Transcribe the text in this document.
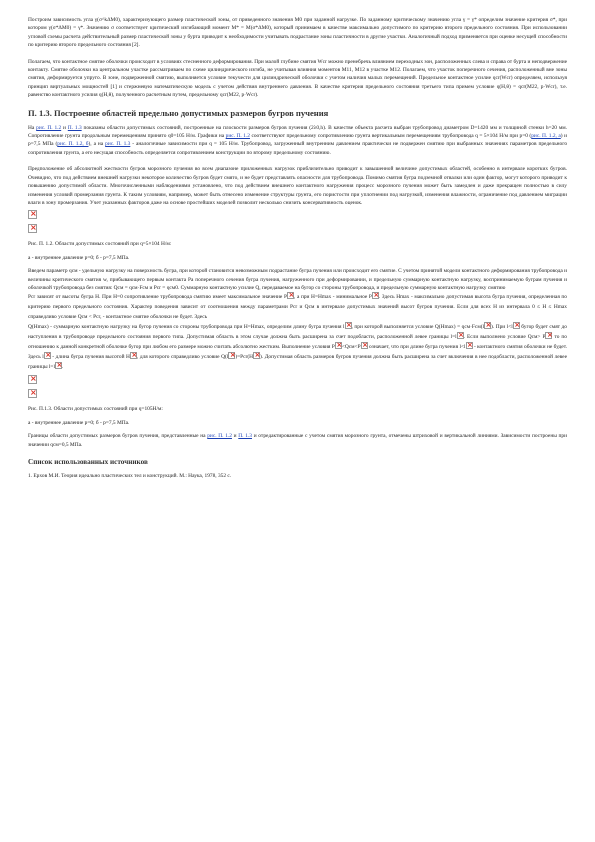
Построим зависимость угла γ(σ^kΔM0), характеризующего размер пластической зоны, от приведенного значения M0 при заданной нагрузке. По заданному критическому значению угла γ = γ* определим значение критерия σ*, при котором γ(σ*ΔM0) = γ*. Значению σ соответствует критический изгибающий момент M* = M(σ*ΔM0), который принимаем в качестве максимально допустимого по критерию второго предельного состояния. При использовании угловой схемы расчета действительный размер пластической зоны у бурта приводит к необходимости учитывать подрастание зоны пластичности в другие участки. Аналогичный подход применяется при оценке несущей способности по критерию второго предельного состояния [2].

Полагаем, что контактное смятие оболочки происходит в условиях стесненного деформирования. При малой глубине смятия Wcr можно пренебречь влиянием переходных зон, расположенных слева и справа от бурта и неподвержение контакту. Смятие оболочки на центральном участке рассматриваем по схеме цилиндрического изгиба, не учитывая влияния моментов M11, M12 в участке M12. Полагаем, что участок поперечного сечения, расположенный вне зоны смятия, деформируется упруго. В зоне, подверженной смятию, выполняется условие текучести для цилиндрической оболочки с учетом наличия малых перемещений. Предельное контактное усилие qcr(Wcr) определяем, используя принцип виртуальных мощностей [1] и стержневую математическую модель с учетом действия внутреннего давления. В качестве критерия предельного состояния третьего типа примем условие q(H,θ) = qcr(M22, p·Wcr), т.е. равенство контактного усилия q(H,θ), полученного расчетным путем, предельному qcr(M22, p·Wcr).

П. 1.3. Построение областей предельно допустимых размеров бугров пучения

На рис. П. 1.2 и П. 1.3 показаны области допустимых состояний, построенные на плоскости размеров бугров пучения (2λ0,h). В качестве объекта расчета выбран трубопровод диаметром D=1420 мм и толщиной стенки h=20 мм. Сопротивление грунта продольным перемещениям принято q0=105 Н/м. Графики на рис. П. 1.2 соответствуют предельному сопротивлению грунта вертикальным перемещениям трубопровода q = 5×104 Н/м при p=0 (рис. П. 1.2, а) и p=7,5 МПа (рис. П. 1.2, б), а на рис. П. 1.3 - аналогичные зависимости при q = 105 Н/м. Трубопровод, загруженный внутренним давлением практически не подвержен смятию при выбранных значениях параметров предельного сопротивления грунта, а его несущая способность определяется сопротивлением конструкции по второму предельному состоянию.

Предположение об абсолютной жесткости бугров морозного пучения во всем диапазоне приложенных нагрузок приблизительно приводит к завышенной величине допустимых областей, особенно в интервале коротких бугров. Очевидно, что под действием внешней нагрузки некоторое количество бугров будет смято, и не будет представлять опасности для трубопровода. Помимо смятия бугра подземной отвалки или один фактор, могут которого приводит к повышению допустимой области. Многочисленными наблюдениями установлено, что под действием внешнего контактного нагружения процесс морозного пучения может быть замедлен и даже прекращен полностью в силу изменения условий промерзания грунта. К таким условиям, например, может быть отнесено изменение структуры грунта, его пористости при уплотнении под нагрузкой, изменения влажности, ограничение под давлением миграции влаги в зону промерзания. Учет указанных факторов даже на основе простейших моделей позволит несколько снизить консервативность оценок.

×
×

Рис. П. 1.2. Области допустимых состояний при q=5×104 Н/м:

а - внутреннее давление p=0; б - p=7,5 МПа.

Введем параметр qсм - удельную нагрузку на поверхность бугра, при которой становится невозможным подрастание бугра пучения или происходит его смятие. С учетом принятой модели контактного деформирования трубопровода и величины критического смятия w, прибывающего первым контакта Pa поперечного сечения бугра пучения, нагруженного при деформировании, и предельную суммарную контактную нагрузку, воспринимаемую буграм пучения и оболочкой трубопровода без смятия: Qсм = qсм·Fсм и Pсr = qсм0. Суммарную контактную усилие Q, передаваемое на бугор со стороны трубопровода, и предельную суммарную контактную нагрузку смятию

Pсr зависят от высоты бугра H. При H=0 сопротивление трубопровода смятию имеет максимальное значение P × , а при H=Hmax - минимальное P × . Здесь Hmax - максимально допустимая высота бугра пучения, определенная по критерию первого предельного состояния. Характер поведения зависит от соотношения между параметрами Pсr и Qсм в интервале допустимых значений высот бугров пучения. Если для всех H из интервала 0 ≤ H ≤ Hmax справедливо условие Qсм < Pсr, - контактное смятие оболочки не будет. Здесь

Q(Hmax) - суммарную контактную нагрузку на бугор пучения со стороны трубопровода при H=Hmax, определим длину бугра пучения l × , при которой выполняется условие Q(Hmax) = qсм·Fсм(l × ). При l<l× бугор будет смят до наступления в трубопроводе предельного состояния первого типа. Допустимая область в этом случае должна быть расширена за счет подобласти, расположенной левее границы l=l × . Если выполнено условие Qсм> P× то по отношению к данной конкретной оболочке бугор при любом его размере можно считать абсолютно жестким. Выполнение условия P × <Qсм<P× означает, что при длине бугра пучения l<l× - контактного смятия оболочки не будет. Здесь l× - длина бугра пучения высотой H × , для которого справедливо условие Q(l × )=Pсr(H × ). Допустимая область размеров бугров пучения должна быть расширена за счет включения в нее подобласти, расположенной левее границы l=l × .

×
×

Рис. П.1.3. Области допустимых состояний при q=105Н/м:

а - внутреннее давление p=0; б - p=7,5 МПа.

Границы области допустимых размеров бугров пучения, представленные на рис. П. 1.2 и П. 1.3 и отредактированные с учетом смятия морозного грунта, отмечены штриховой и вертикальной линиями. Зависимости построены при значении qсм=0,5 МПа.

Список использованных источников

1. Ерхов М.И. Теория идеально пластических тел и конструкций. М.: Наука, 1978, 352 с.
